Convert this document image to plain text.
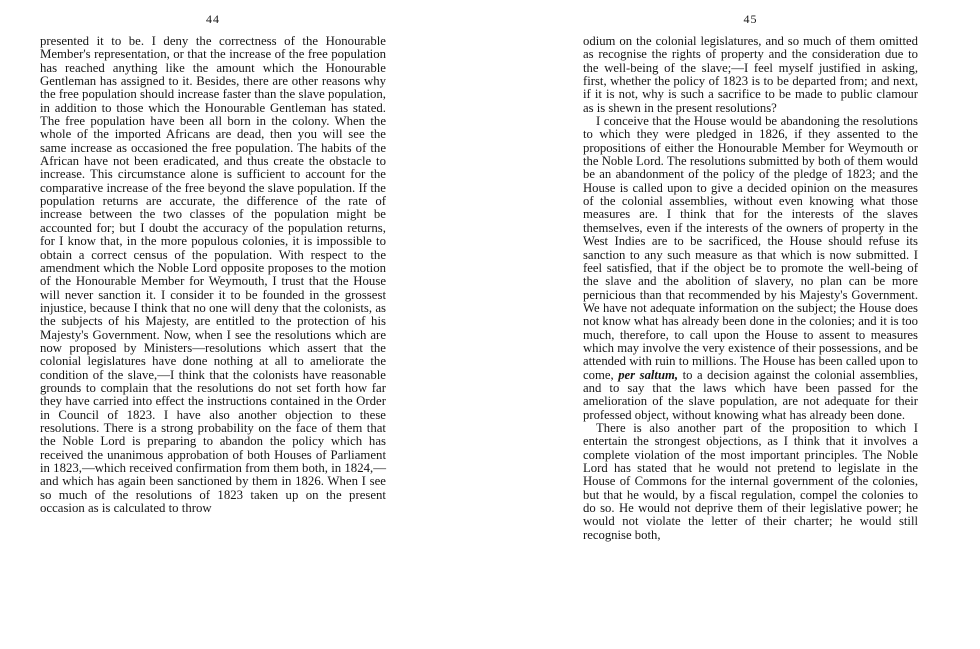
44

presented it to be. I deny the correctness of the Honourable Member's representation, or that the increase of the free population has reached anything like the amount which the Honourable Gentleman has assigned to it. Besides, there are other reasons why the free population should increase faster than the slave population, in addition to those which the Honourable Gentleman has stated. The free population have been all born in the colony. When the whole of the imported Africans are dead, then you will see the same increase as occasioned the free population. The habits of the African have not been eradicated, and thus create the obstacle to increase. This circumstance alone is sufficient to account for the comparative increase of the free beyond the slave population. If the population returns are accurate, the difference of the rate of increase between the two classes of the population might be accounted for; but I doubt the accuracy of the population returns, for I know that, in the more populous colonies, it is impossible to obtain a correct census of the population. With respect to the amendment which the Noble Lord opposite proposes to the motion of the Honourable Member for Weymouth, I trust that the House will never sanction it. I consider it to be founded in the grossest injustice, because I think that no one will deny that the colonists, as the subjects of his Majesty, are entitled to the protection of his Majesty's Government. Now, when I see the resolutions which are now proposed by Ministers—resolutions which assert that the colonial legislatures have done nothing at all to ameliorate the condition of the slave,—I think that the colonists have reasonable grounds to complain that the resolutions do not set forth how far they have carried into effect the instructions contained in the Order in Council of 1823. I have also another objection to these resolutions. There is a strong probability on the face of them that the Noble Lord is preparing to abandon the policy which has received the unanimous approbation of both Houses of Parliament in 1823,—which received confirmation from them both, in 1824,—and which has again been sanctioned by them in 1826. When I see so much of the resolutions of 1823 taken up on the present occasion as is calculated to throw

45

odium on the colonial legislatures, and so much of them omitted as recognise the rights of property and the consideration due to the well-being of the slave;—I feel myself justified in asking, first, whether the policy of 1823 is to be departed from; and next, if it is not, why is such a sacrifice to be made to public clamour as is shewn in the present resolutions?

I conceive that the House would be abandoning the resolutions to which they were pledged in 1826, if they assented to the propositions of either the Honourable Member for Weymouth or the Noble Lord. The resolutions submitted by both of them would be an abandonment of the policy of the pledge of 1823; and the House is called upon to give a decided opinion on the measures of the colonial assemblies, without even knowing what those measures are. I think that for the interests of the slaves themselves, even if the interests of the owners of property in the West Indies are to be sacrificed, the House should refuse its sanction to any such measure as that which is now submitted. I feel satisfied, that if the object be to promote the well-being of the slave and the abolition of slavery, no plan can be more pernicious than that recommended by his Majesty's Government. We have not adequate information on the subject; the House does not know what has already been done in the colonies; and it is too much, therefore, to call upon the House to assent to measures which may involve the very existence of their possessions, and be attended with ruin to millions. The House has been called upon to come, per saltum, to a decision against the colonial assemblies, and to say that the laws which have been passed for the amelioration of the slave population, are not adequate for their professed object, without knowing what has already been done.

There is also another part of the proposition to which I entertain the strongest objections, as I think that it involves a complete violation of the most important principles. The Noble Lord has stated that he would not pretend to legislate in the House of Commons for the internal government of the colonies, but that he would, by a fiscal regulation, compel the colonies to do so. He would not deprive them of their legislative power; he would not violate the letter of their charter; he would still recognise both,
